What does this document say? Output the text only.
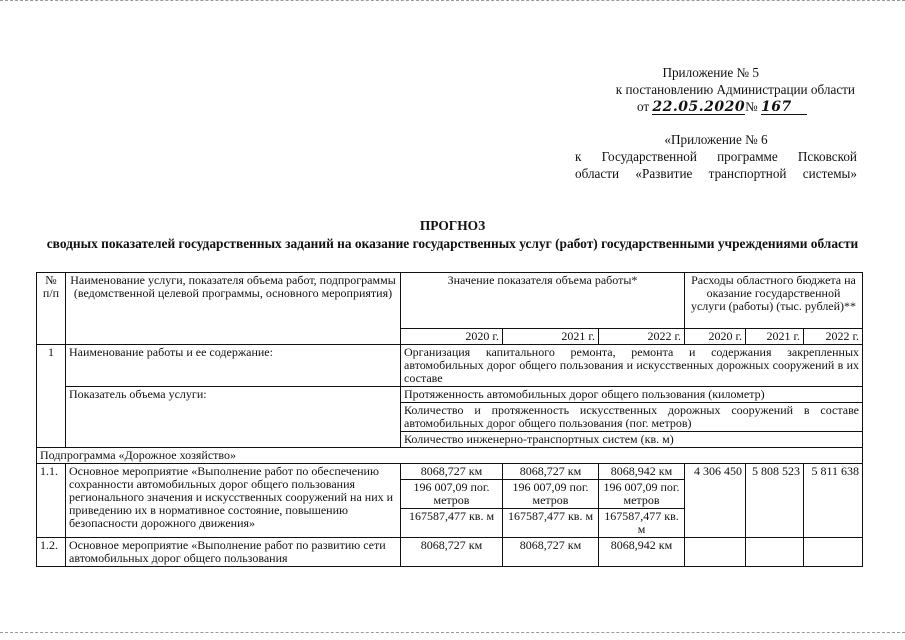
Приложение № 5
к постановлению Администрации области
от 22.05.2020№ 167
«Приложение № 6
к Государственной программе Псковской
области «Развитие транспортной системы»
ПРОГНОЗ
сводных показателей государственных заданий на оказание государственных услуг (работ) государственными учреждениями области
№ п/п	Наименование услуги, показателя объема работ, подпрограммы (ведомственной целевой программы, основного мероприятия)	Значение показателя объема работы*			Расходы областного бюджета на оказание государственной услуги (работы) (тыс. рублей)**		
		2020 г.	2021 г.	2022 г.	2020 г.	2021 г.	2022 г.
1	Наименование работы и ее содержание:	Организация капитального ремонта, ремонта и содержания закрепленных автомобильных дорог общего пользования и искусственных дорожных сооружений в их составе					
	Показатель объема услуги:	Протяженность автомобильных дорог общего пользования (километр)					
		Количество и протяженность искусственных дорожных сооружений в составе автомобильных дорог общего пользования (пог. метров)					
		Количество инженерно-транспортных систем (кв. м)					
Подпрограмма «Дорожное хозяйство»							
1.1.	Основное мероприятие «Выполнение работ по обеспечению сохранности автомобильных дорог общего пользования регионального значения и искусственных сооружений на них и приведению их в нормативное состояние, повышению безопасности дорожного движения»	8068,727 км	8068,727 км	8068,942 км	4 306 450	5 808 523	5 811 638
		196 007,09 пог. метров	196 007,09 пог. метров	196 007,09 пог. метров			
		167587,477 кв. м	167587,477 кв. м	167587,477 кв. м			
1.2.	Основное мероприятие «Выполнение работ по развитию сети автомобильных дорог общего пользования	8068,727 км	8068,727 км	8068,942 км			
